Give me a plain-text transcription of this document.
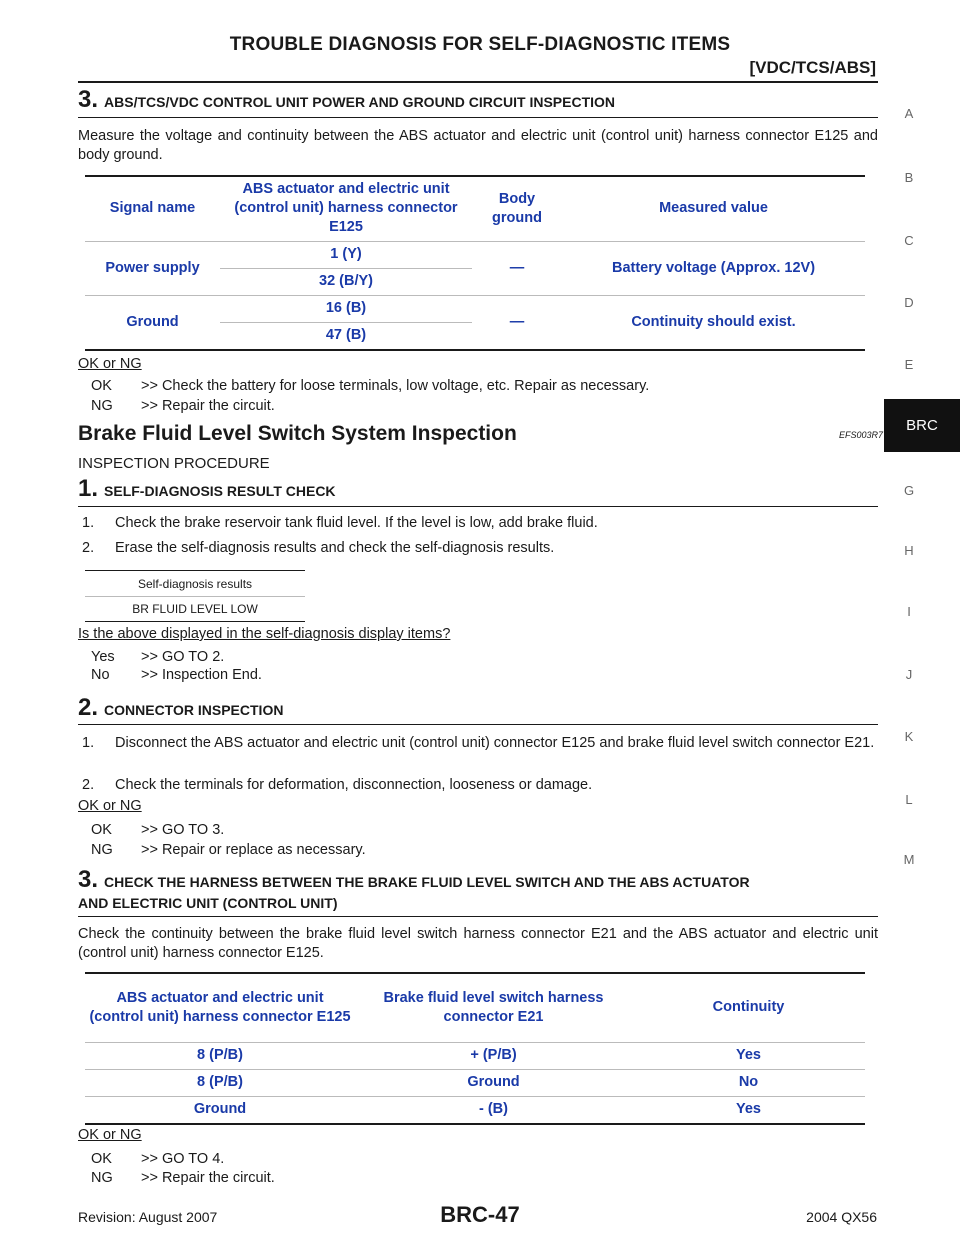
TROUBLE DIAGNOSIS FOR SELF-DIAGNOSTIC ITEMS
[VDC/TCS/ABS]
A
B
C
D
E
BRC
G
H
I
J
K
L
M
3. ABS/TCS/VDC CONTROL UNIT POWER AND GROUND CIRCUIT INSPECTION
Measure the voltage and continuity between the ABS actuator and electric unit (control unit) harness connector E125 and body ground.
Signal name	ABS actuator and electric unit (control unit) harness connector E125	Body ground	Measured value
Power supply	1 (Y)	—	Battery voltage (Approx. 12V)
	32 (B/Y)		
Ground	16 (B)	—	Continuity should exist.
	47 (B)		
OK or NG
OK >> Check the battery for loose terminals, low voltage, etc. Repair as necessary.
NG >> Repair the circuit.
Brake Fluid Level Switch System Inspection	EFS003R7
INSPECTION PROCEDURE
1. SELF-DIAGNOSIS RESULT CHECK
1. Check the brake reservoir tank fluid level. If the level is low, add brake fluid.
2. Erase the self-diagnosis results and check the self-diagnosis results.
Self-diagnosis results
BR FLUID LEVEL LOW
Is the above displayed in the self-diagnosis display items?
Yes >> GO TO 2.
No >> Inspection End.
2. CONNECTOR INSPECTION
1. Disconnect the ABS actuator and electric unit (control unit) connector E125 and brake fluid level switch connector E21.
2. Check the terminals for deformation, disconnection, looseness or damage.
OK or NG
OK >> GO TO 3.
NG >> Repair or replace as necessary.
3. CHECK THE HARNESS BETWEEN THE BRAKE FLUID LEVEL SWITCH AND THE ABS ACTUATOR
AND ELECTRIC UNIT (CONTROL UNIT)
Check the continuity between the brake fluid level switch harness connector E21 and the ABS actuator and electric unit (control unit) harness connector E125.
ABS actuator and electric unit (control unit) harness connector E125	Brake fluid level switch harness connector E21	Continuity
8 (P/B)	+ (P/B)	Yes
8 (P/B)	Ground	No
Ground	- (B)	Yes
OK or NG
OK >> GO TO 4.
NG >> Repair the circuit.
Revision: August 2007	BRC-47	2004 QX56
